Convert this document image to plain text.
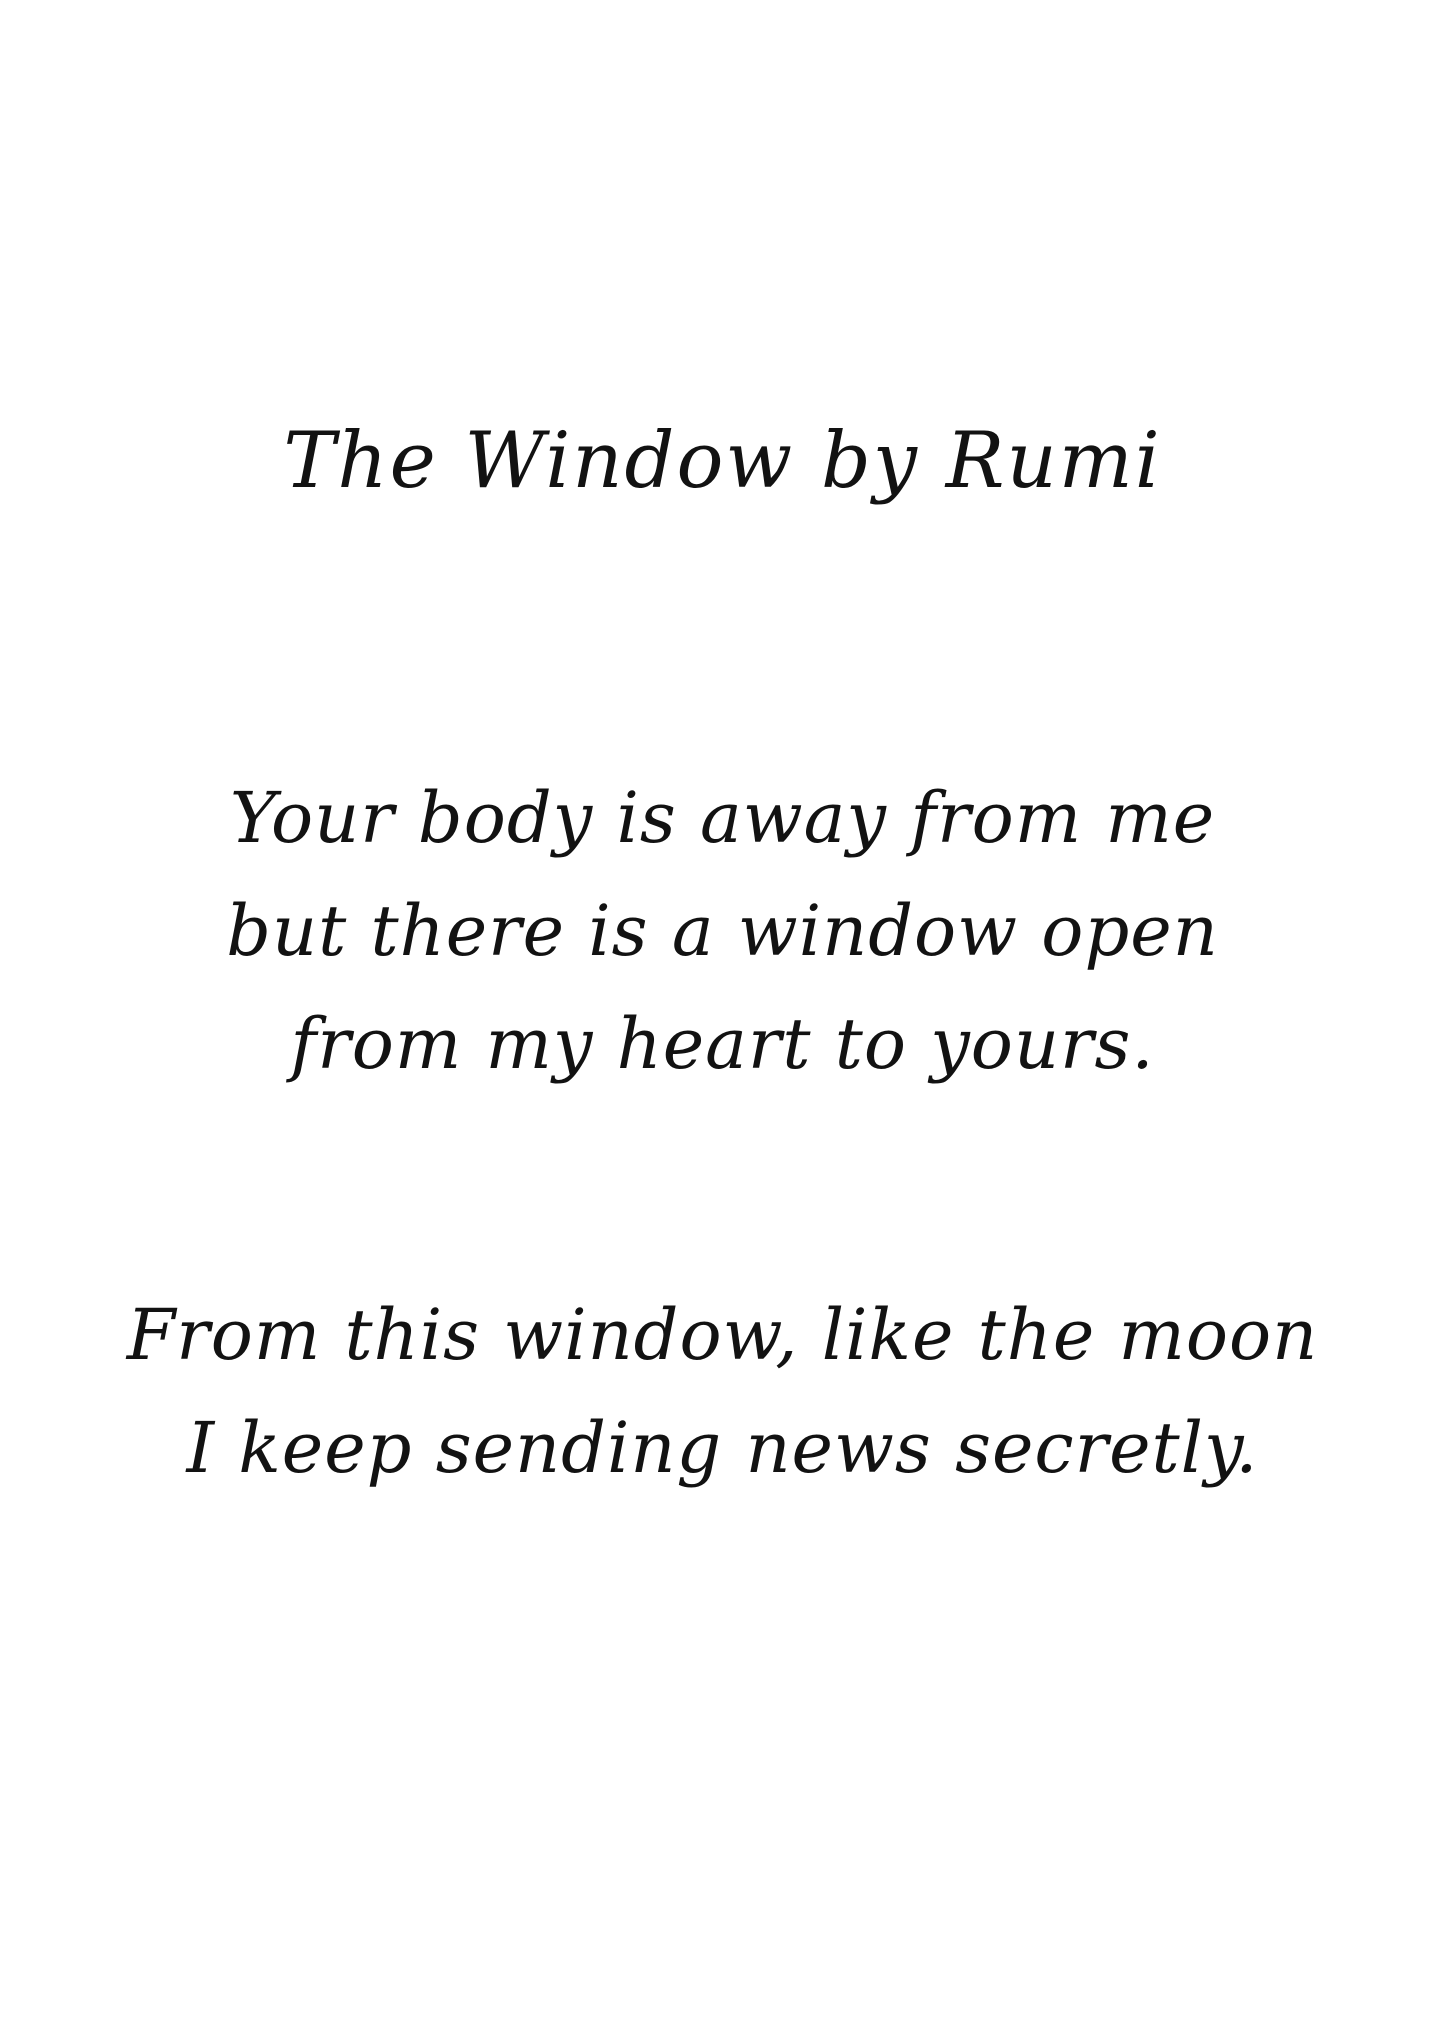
The Window by Rumi
Your body is away from me
but there is a window open
from my heart to yours.
From this window, like the moon
I keep sending news secretly.
